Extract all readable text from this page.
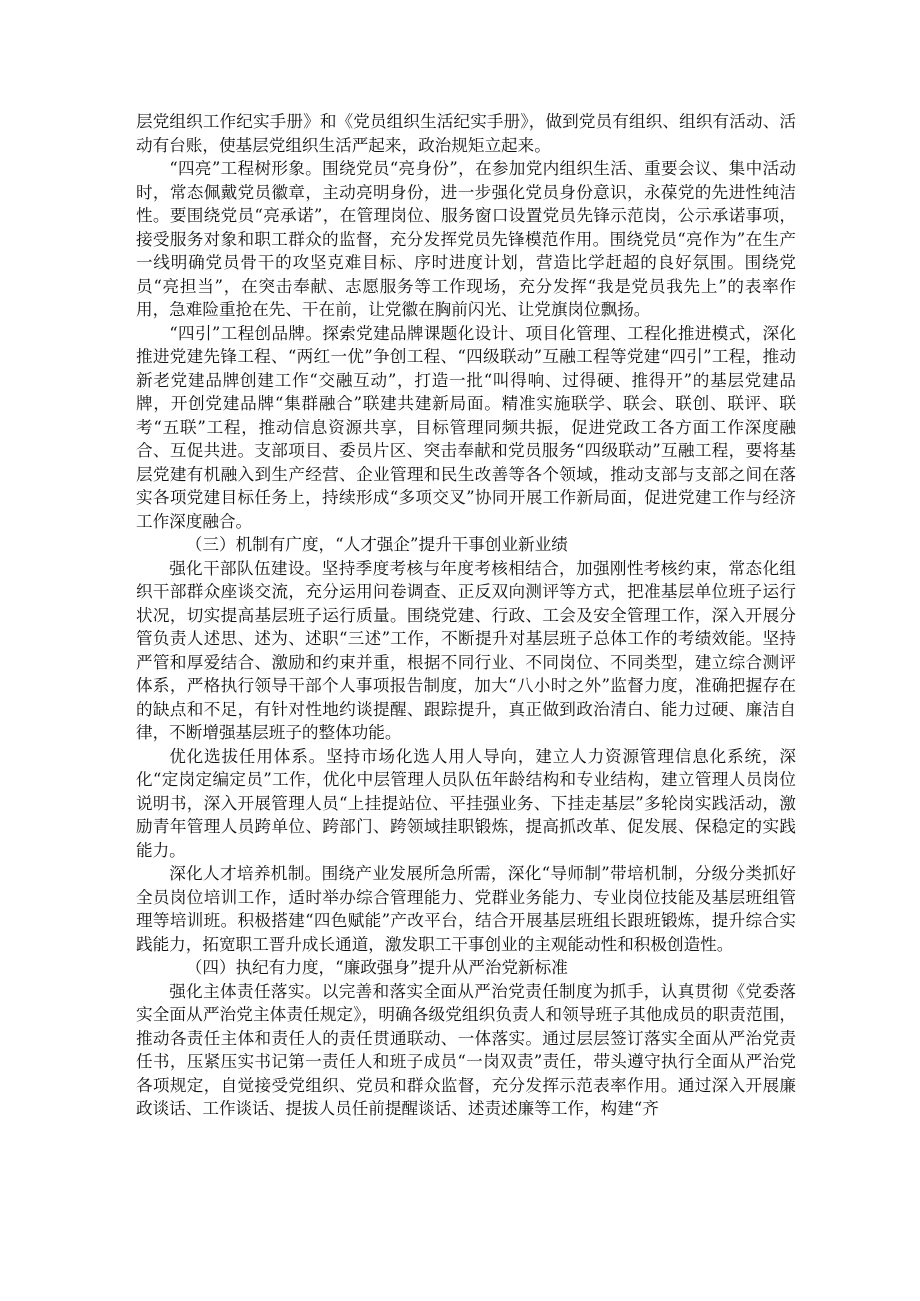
层党组织工作纪实手册》和《党员组织生活纪实手册》，做到党员有组织、组织有活动、活动有台账，使基层党组织生活严起来，政治规矩立起来。

“四亮”工程树形象。围绕党员“亮身份”，在参加党内组织生活、重要会议、集中活动时，常态佩戴党员徽章，主动亮明身份，进一步强化党员身份意识，永葆党的先进性纯洁性。要围绕党员“亮承诺”，在管理岗位、服务窗口设置党员先锋示范岗，公示承诺事项，接受服务对象和职工群众的监督，充分发挥党员先锋模范作用。围绕党员“亮作为”在生产一线明确党员骨干的攻坚克难目标、序时进度计划，营造比学赶超的良好氛围。围绕党员“亮担当”，在突击奉献、志愿服务等工作现场，充分发挥“我是党员我先上”的表率作用，急难险重抢在先、干在前，让党徽在胸前闪光、让党旗岗位飘扬。

“四引”工程创品牌。探索党建品牌课题化设计、项目化管理、工程化推进模式，深化推进党建先锋工程、“两红一优”争创工程、“四级联动”互融工程等党建“四引”工程，推动新老党建品牌创建工作“交融互动”，打造一批“叫得响、过得硬、推得开”的基层党建品牌，开创党建品牌“集群融合”联建共建新局面。精准实施联学、联会、联创、联评、联考“五联”工程，推动信息资源共享，目标管理同频共振，促进党政工各方面工作深度融合、互促共进。支部项目、委员片区、突击奉献和党员服务“四级联动”互融工程，要将基层党建有机融入到生产经营、企业管理和民生改善等各个领域，推动支部与支部之间在落实各项党建目标任务上，持续形成“多项交叉”协同开展工作新局面，促进党建工作与经济工作深度融合。

（三）机制有广度，“人才强企”提升干事创业新业绩

强化干部队伍建设。坚持季度考核与年度考核相结合，加强刚性考核约束，常态化组织干部群众座谈交流，充分运用问卷调查、正反双向测评等方式，把准基层单位班子运行状况，切实提高基层班子运行质量。围绕党建、行政、工会及安全管理工作，深入开展分管负责人述思、述为、述职“三述”工作，不断提升对基层班子总体工作的考绩效能。坚持严管和厚爱结合、激励和约束并重，根据不同行业、不同岗位、不同类型，建立综合测评体系，严格执行领导干部个人事项报告制度，加大“八小时之外”监督力度，准确把握存在的缺点和不足，有针对性地约谈提醒、跟踪提升，真正做到政治清白、能力过硬、廉洁自律，不断增强基层班子的整体功能。

优化选拔任用体系。坚持市场化选人用人导向，建立人力资源管理信息化系统，深化“定岗定编定员”工作，优化中层管理人员队伍年龄结构和专业结构，建立管理人员岗位说明书，深入开展管理人员“上挂提站位、平挂强业务、下挂走基层”多轮岗实践活动，激励青年管理人员跨单位、跨部门、跨领域挂职锻炼，提高抓改革、促发展、保稳定的实践能力。

深化人才培养机制。围绕产业发展所急所需，深化“导师制”带培机制，分级分类抓好全员岗位培训工作，适时举办综合管理能力、党群业务能力、专业岗位技能及基层班组管理等培训班。积极搭建“四色赋能”产改平台，结合开展基层班组长跟班锻炼，提升综合实践能力，拓宽职工晋升成长通道，激发职工干事创业的主观能动性和积极创造性。

（四）执纪有力度，“廉政强身”提升从严治党新标准

强化主体责任落实。以完善和落实全面从严治党责任制度为抓手，认真贯彻《党委落实全面从严治党主体责任规定》，明确各级党组织负责人和领导班子其他成员的职责范围，推动各责任主体和责任人的责任贯通联动、一体落实。通过层层签订落实全面从严治党责任书，压紧压实书记第一责任人和班子成员“一岗双责”责任，带头遵守执行全面从严治党各项规定，自觉接受党组织、党员和群众监督，充分发挥示范表率作用。通过深入开展廉政谈话、工作谈话、提拔人员任前提醒谈话、述责述廉等工作，构建“齐
